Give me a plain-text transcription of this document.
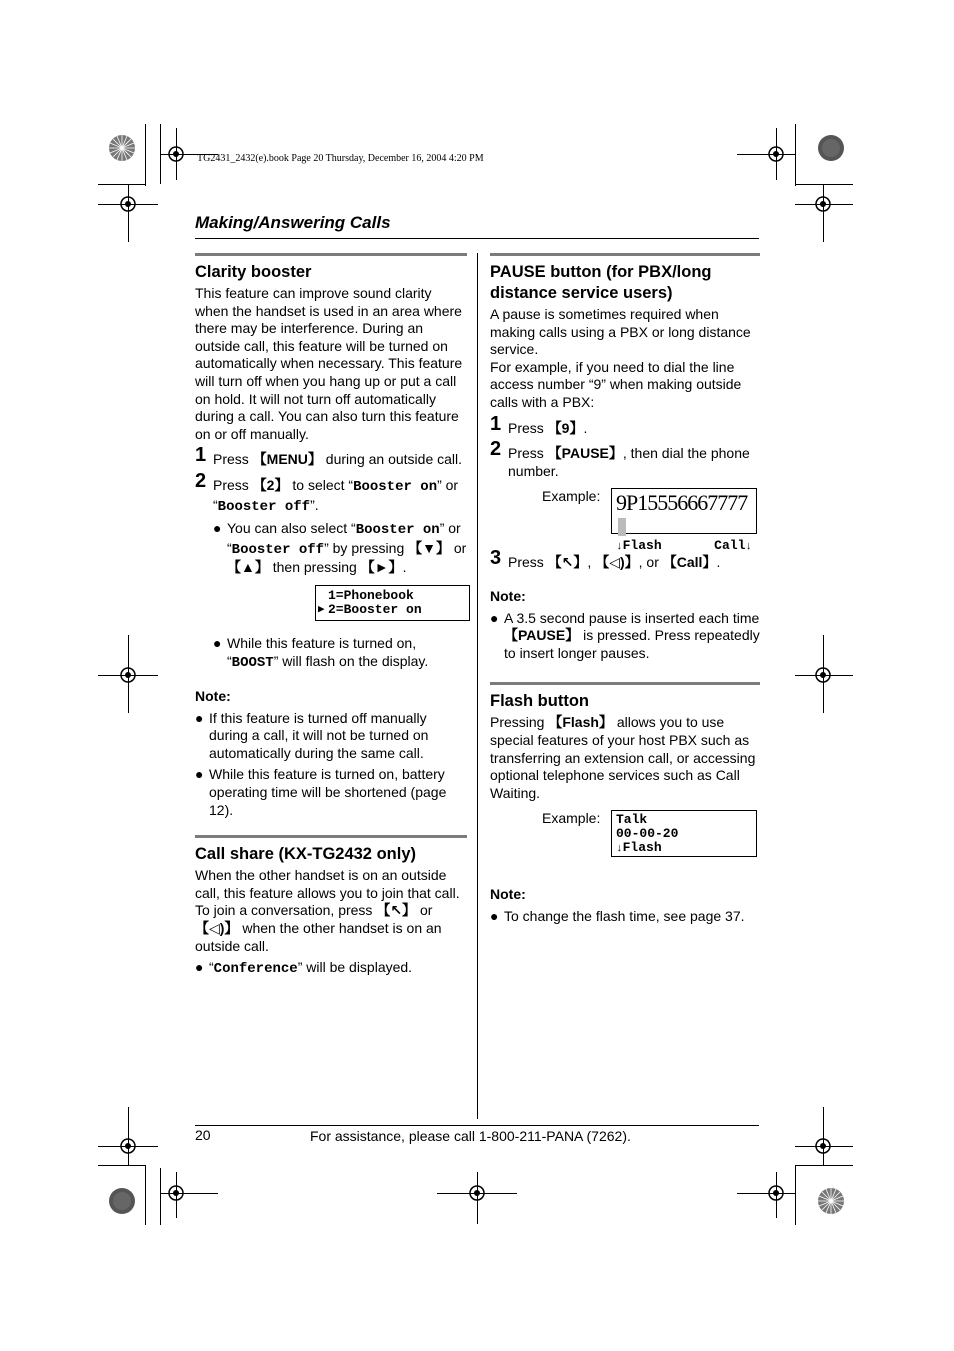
TG2431_2432(e).book Page 20 Thursday, December 16, 2004 4:20 PM
Making/Answering Calls
Clarity booster

This feature can improve sound clarity when the handset is used in an area where there may be interference. During an outside call, this feature will be turned on automatically when necessary. This feature will turn off when you hang up or put a call on hold. It will not turn off automatically during a call. You can also turn this feature on or off manually.

1 Press 【MENU】 during an outside call.
2 Press 【2】 to select “Booster on” or “Booster off”.
● You can also select “Booster on” or “Booster off” by pressing 【▼】 or 【▲】 then pressing 【►】.
▶
1=Phonebook
2=Booster on
● While this feature is turned on, “BOOST” will flash on the display.
Note:
● If this feature is turned off manually during a call, it will not be turned on automatically during the same call.
● While this feature is turned on, battery operating time will be shortened (page 12).
Call share (KX-TG2432 only)

When the other handset is on an outside call, this feature allows you to join that call. To join a conversation, press 【↖】 or 【◁)】 when the other handset is on an outside call.

● “Conference” will be displayed.
PAUSE button (for PBX/long distance service users)

A pause is sometimes required when making calls using a PBX or long distance service.

For example, if you need to dial the line access number “9” when making outside calls with a PBX:

1 Press 【9】.
2 Press 【PAUSE】, then dial the phone number.
Example: 9P15556667777
↓Flash	Call↓
3 Press 【↖】, 【◁)】, or 【Call】.
Note:
● A 3.5 second pause is inserted each time 【PAUSE】 is pressed. Press repeatedly to insert longer pauses.
Flash button

Pressing 【Flash】 allows you to use special features of your host PBX such as transferring an extension call, or accessing optional telephone services such as Call Waiting.

Example: Talk
00-00-20
↓Flash
Note:
● To change the flash time, see page 37.
20	For assistance, please call 1-800-211-PANA (7262).
